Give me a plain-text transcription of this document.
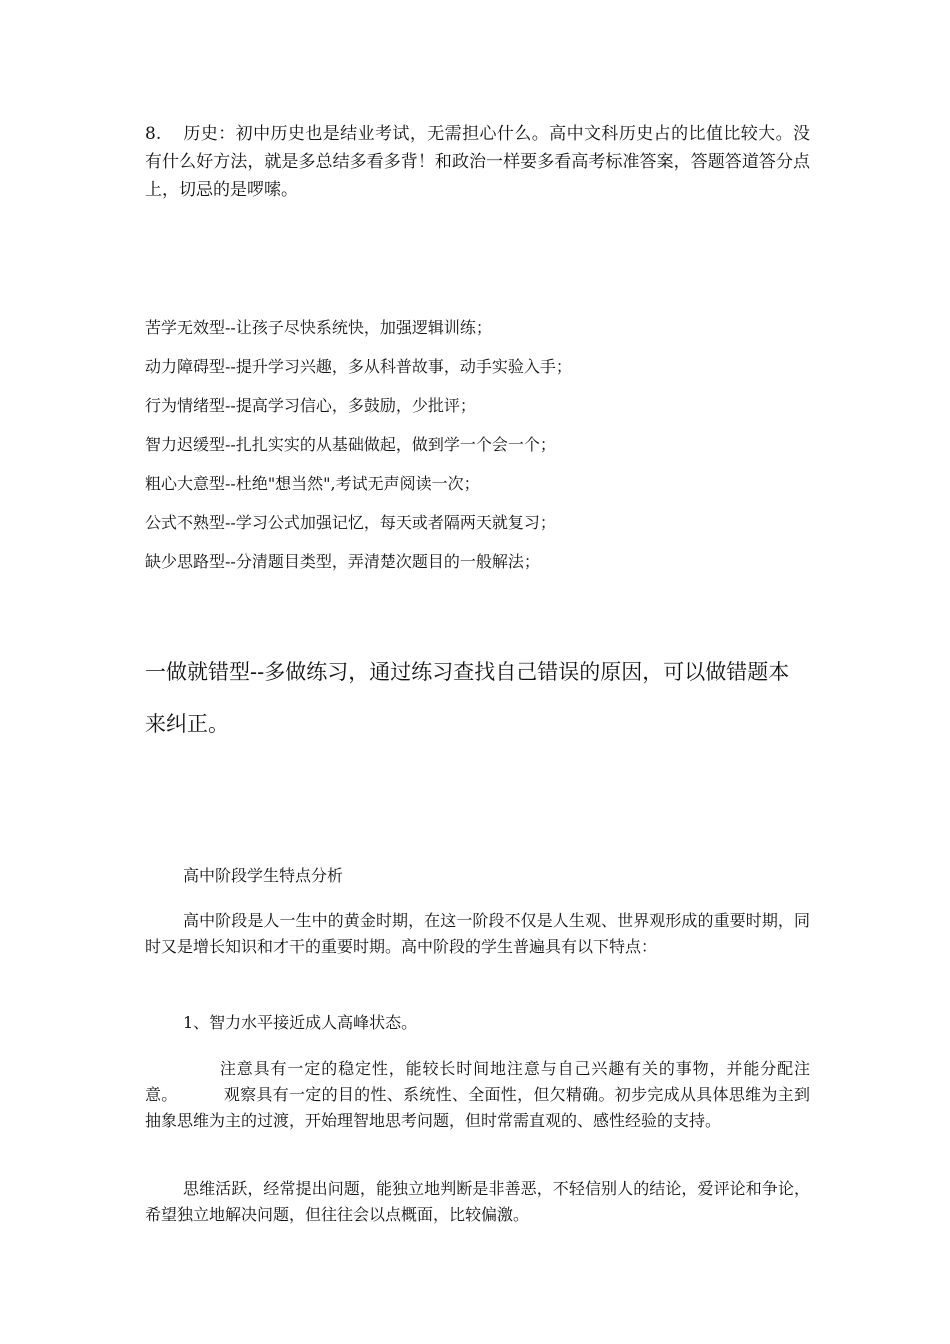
8. 历史：初中历史也是结业考试，无需担心什么。高中文科历史占的比值比较大。没有什么好方法，就是多总结多看多背！和政治一样要多看高考标准答案，答题答道答分点上，切忌的是啰嗦。

苦学无效型--让孩子尽快系统快，加强逻辑训练；
动力障碍型--提升学习兴趣，多从科普故事，动手实验入手；
行为情绪型--提高学习信心，多鼓励，少批评；
智力迟缓型--扎扎实实的从基础做起，做到学一个会一个；
粗心大意型--杜绝"想当然",考试无声阅读一次；
公式不熟型--学习公式加强记忆，每天或者隔两天就复习；
缺少思路型--分清题目类型，弄清楚次题目的一般解法；

一做就错型--多做练习，通过练习查找自己错误的原因，可以做错题本来纠正。

高中阶段学生特点分析

高中阶段是人一生中的黄金时期，在这一阶段不仅是人生观、世界观形成的重要时期，同时又是增长知识和才干的重要时期。高中阶段的学生普遍具有以下特点：

1、智力水平接近成人高峰状态。

注意具有一定的稳定性，能较长时间地注意与自己兴趣有关的事物，并能分配注意。	观察具有一定的目的性、系统性、全面性，但欠精确。初步完成从具体思维为主到抽象思维为主的过渡，开始理智地思考问题，但时常需直观的、感性经验的支持。

思维活跃，经常提出问题，能独立地判断是非善恶，不轻信别人的结论，爱评论和争论，希望独立地解决问题，但往往会以点概面，比较偏激。
